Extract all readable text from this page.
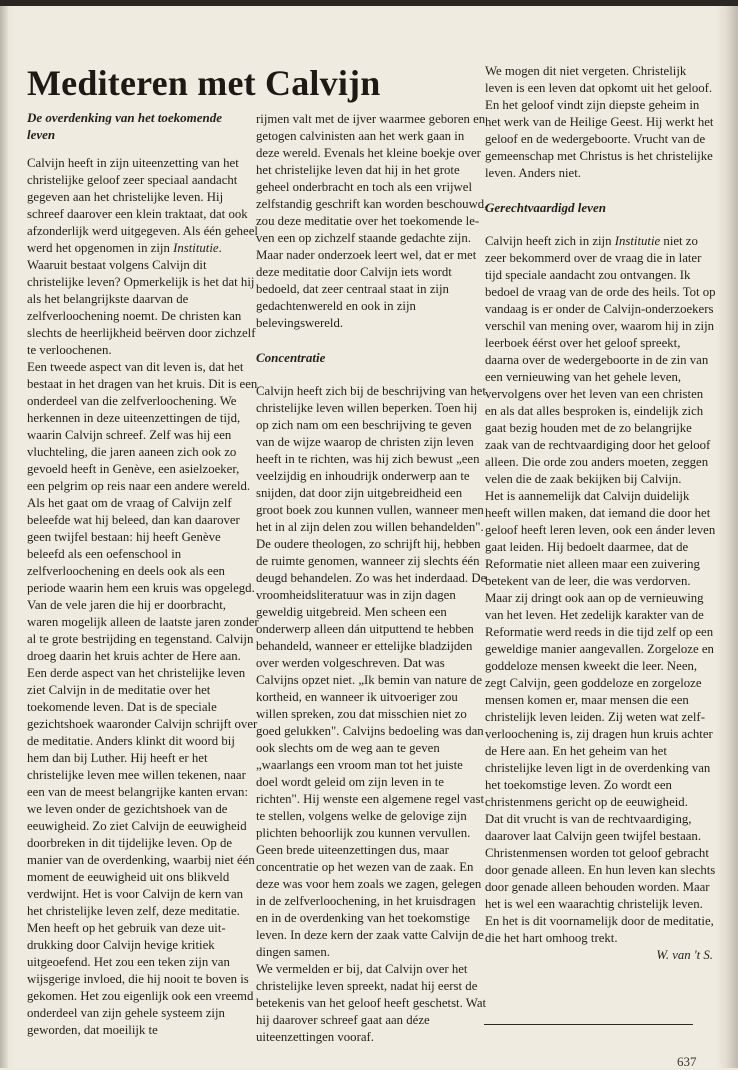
Mediteren met Calvijn
De overdenking van het toekomende leven

Calvijn heeft in zijn uiteenzetting van het christelijke geloof zeer speciaal aandacht gegeven aan het christelijke leven. Hij schreef daarover een klein traktaat, dat ook afzonderlijk werd uitgegeven. Als één geheel werd het opgenomen in zijn Institutie.

Waaruit bestaat volgens Calvijn dit christelijke leven? Opmerkelijk is het dat hij als het belangrijkste daarvan de zelfverloochening noemt. De christen kan slechts de heerlijkheid beërven door zichzelf te verloochenen.

Een tweede aspect van dit leven is, dat het bestaat in het dragen van het kruis. Dit is een onderdeel van die zelfverloochening. We herkennen in deze uiteenzettingen de tijd, waarin Calvijn schreef. Zelf was hij een vluchteling, die jaren aaneen zich ook zo gevoeld heeft in Genève, een asielzoeker, een pelgrim op reis naar een andere wereld.

Als het gaat om de vraag of Calvijn zelf beleefde wat hij beleed, dan kan daarover geen twijfel bestaan: hij heeft Genève beleefd als een oefenschool in zelfverloochening en deels ook als een periode waarin hem een kruis was opgelegd. Van de vele jaren die hij er doorbracht, waren mogelijk alleen de laatste jaren zonder al te grote bestrijding en tegenstand. Calvijn droeg daarin het kruis achter de Here aan.

Een derde aspect van het christelijke leven ziet Calvijn in de meditatie over het toekomende leven. Dat is de speciale gezichtshoek waaronder Calvijn schrijft over de meditatie. Anders klinkt dit woord bij hem dan bij Luther. Hij heeft er het christelijke leven mee willen tekenen, naar een van de meest belangrijke kanten ervan: we leven onder de gezichtshoek van de eeuwigheid. Zo ziet Calvijn de eeuwigheid doorbreken in dit tijdelijke leven. Op de manier van de overdenking, waarbij niet één moment de eeuwigheid uit ons blikveld verdwijnt. Het is voor Calvijn de kern van het christelijke leven zelf, deze meditatie.

Men heeft op het gebruik van deze uitdrukking door Calvijn hevige kritiek uitgeoefend. Het zou een teken zijn van wijsgerige invloed, die hij nooit te boven is gekomen. Het zou eigenlijk ook een vreemd onderdeel van zijn gehele systeem zijn geworden, dat moeilijk te

rijmen valt met de ijver waarmee geboren en getogen calvinisten aan het werk gaan in deze wereld. Evenals het kleine boekje over het christelijke leven dat hij in het grote geheel onderbracht en toch als een vrijwel zelfstandig geschrift kan worden beschouwd, zou deze meditatie over het toekomende leven een op zichzelf staande gedachte zijn. Maar nader onderzoek leert wel, dat er met deze meditatie door Calvijn iets wordt bedoeld, dat zeer centraal staat in zijn gedachtenwereld en ook in zijn belevingswereld.

Concentratie

Calvijn heeft zich bij de beschrijving van het christelijke leven willen beperken. Toen hij op zich nam om een beschrijving te geven van de wijze waarop de christen zijn leven heeft in te richten, was hij zich bewust „een veelzijdig en inhoudrijk onderwerp aan te snijden, dat door zijn uitgebreidheid een groot boek zou kunnen vullen, wanneer men het in al zijn delen zou willen behandelden". De oudere theologen, zo schrijft hij, hebben de ruimte genomen, wanneer zij slechts één deugd behandelen. Zo was het inderdaad. De vroomheidsliteratuur was in zijn dagen geweldig uitgebreid. Men scheen een onderwerp alleen dán uitputtend te hebben behandeld, wanneer er ettelijke bladzijden over werden volgeschreven. Dat was Calvijns opzet niet. „Ik bemin van nature de kortheid, en wanneer ik uitvoeriger zou willen spreken, zou dat misschien niet zo goed gelukken". Calvijns bedoeling was dan ook slechts om de weg aan te geven „waarlangs een vroom man tot het juiste doel wordt geleid om zijn leven in te richten". Hij wenste een algemene regel vast te stellen, volgens welke de gelovige zijn plichten behoorlijk zou kunnen vervullen.

Geen brede uiteenzettingen dus, maar concentratie op het wezen van de zaak. En deze was voor hem zoals we zagen, gelegen in de zelfverloochening, in het kruisdragen en in de overdenking van het toekomstige leven. In deze kern der zaak vatte Calvijn de dingen samen.

We vermelden er bij, dat Calvijn over het christelijke leven spreekt, nadat hij eerst de betekenis van het geloof heeft geschetst. Wat hij daarover schreef gaat aan déze uiteenzettingen vooraf.

We mogen dit niet vergeten. Christelijk leven is een leven dat opkomt uit het geloof. En het geloof vindt zijn diepste geheim in het werk van de Heilige Geest. Hij werkt het geloof en de wedergeboorte. Vrucht van de gemeenschap met Christus is het christelijke leven. Anders niet.

Gerechtvaardigd leven

Calvijn heeft zich in zijn Institutie niet zo zeer bekommerd over de vraag die in later tijd speciale aandacht zou ontvangen. Ik bedoel de vraag van de orde des heils. Tot op vandaag is er onder de Calvijn-onderzoekers verschil van mening over, waarom hij in zijn leerboek éérst over het geloof spreekt, daarna over de wedergeboorte in de zin van een vernieuwing van het gehele leven, vervolgens over het leven van een christen en als dat alles besproken is, eindelijk zich gaat bezig houden met de zo belangrijke zaak van de rechtvaardiging door het geloof alleen. Die orde zou anders moeten, zeggen velen die de zaak bekijken bij Calvijn.

Het is aannemelijk dat Calvijn duidelijk heeft willen maken, dat iemand die door het geloof heeft leren leven, ook een ánder leven gaat leiden. Hij bedoelt daarmee, dat de Reformatie niet alleen maar een zuivering betekent van de leer, die was verdorven. Maar zij dringt ook aan op de vernieuwing van het leven. Het zedelijk karakter van de Reformatie werd reeds in die tijd zelf op een geweldige manier aangevallen. Zorgeloze en goddeloze mensen kweekt die leer. Neen, zegt Calvijn, geen goddeloze en zorgeloze mensen komen er, maar mensen die een christelijk leven leiden. Zij weten wat zelfverloochening is, zij dragen hun kruis achter de Here aan. En het geheim van het christelijke leven ligt in de overdenking van het toekomstige leven. Zo wordt een christenmens gericht op de eeuwigheid.

Dat dit vrucht is van de rechtvaardiging, daarover laat Calvijn geen twijfel bestaan. Christenmensen worden tot geloof gebracht door genade alleen. En hun leven kan slechts door genade alleen behouden worden. Maar het is wel een waarachtig christelijk leven. En het is dit voornamelijk door de meditatie, die het hart omhoog trekt.

W. van 't S.

637
